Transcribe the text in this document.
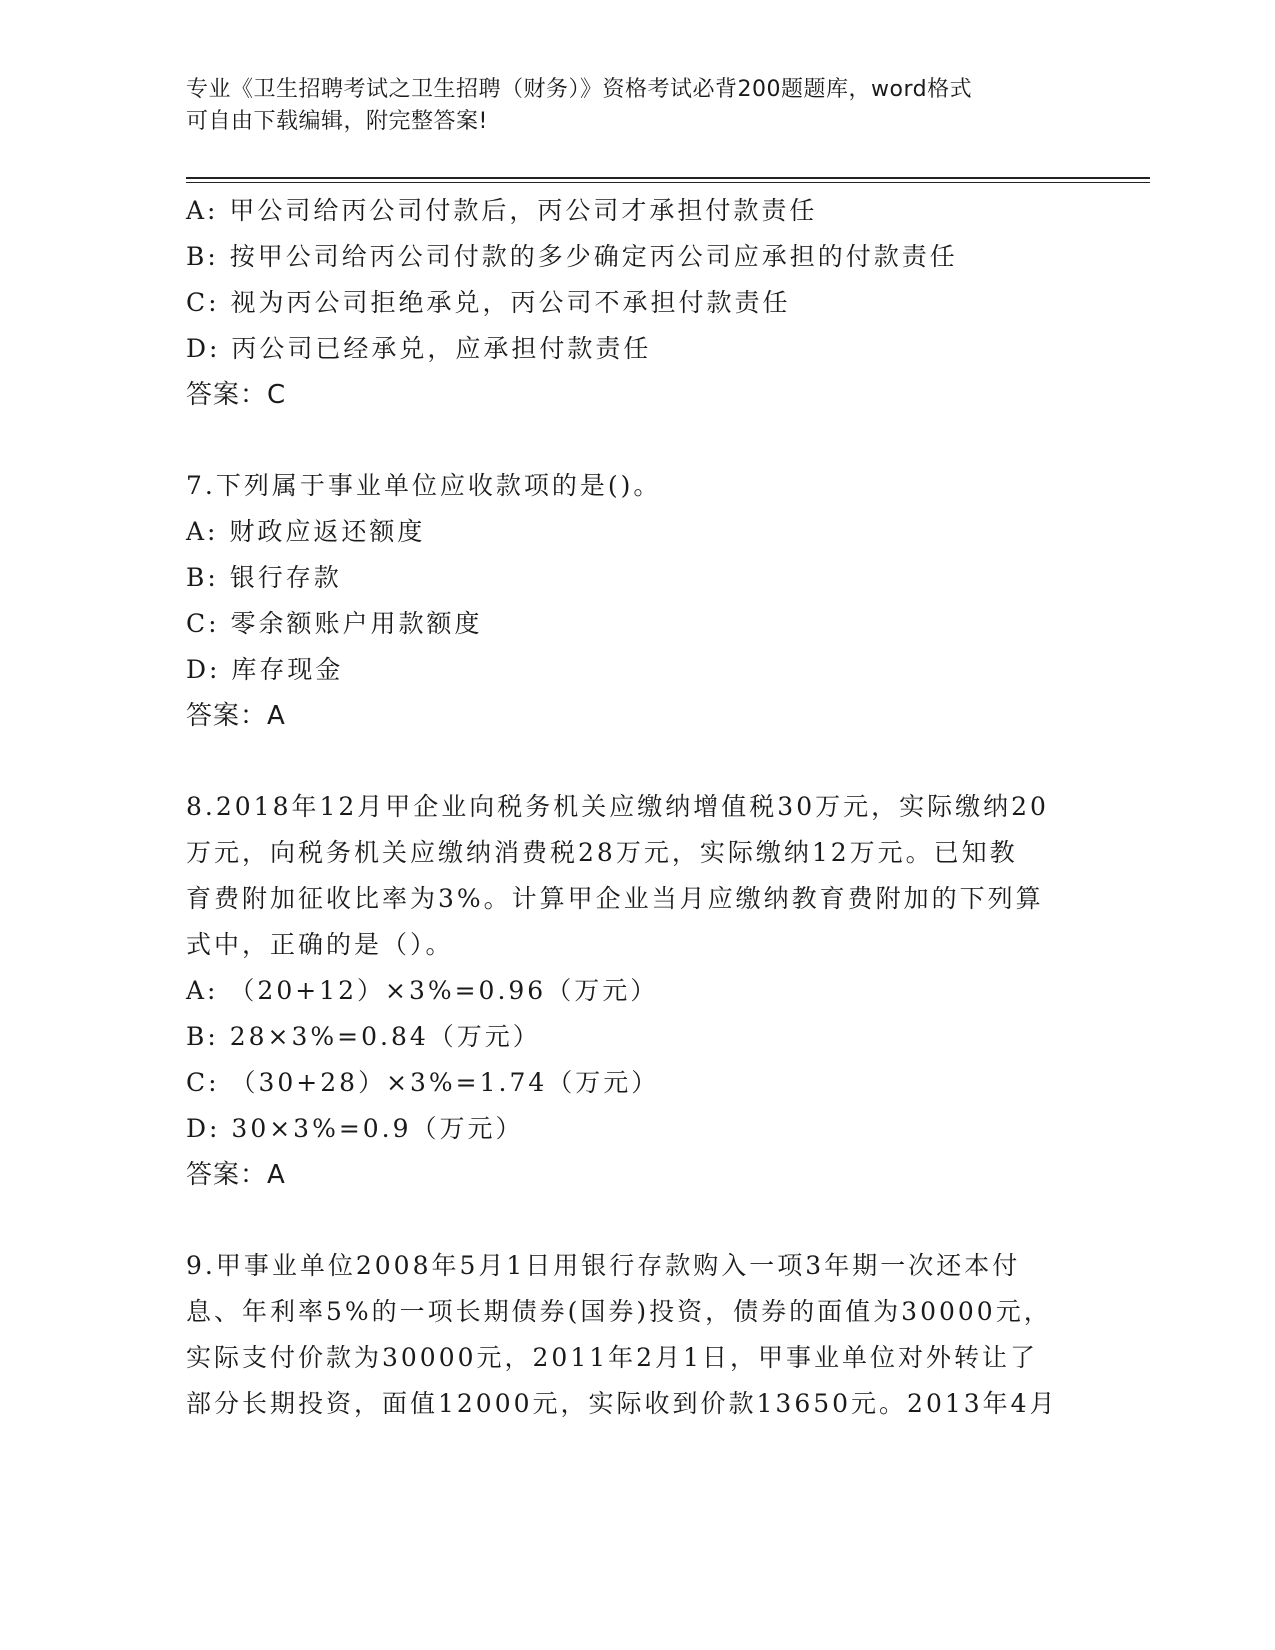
专业《卫生招聘考试之卫生招聘（财务）》资格考试必背200题题库，word格式
可自由下载编辑，附完整答案!
A: 甲公司给丙公司付款后，丙公司才承担付款责任
B: 按甲公司给丙公司付款的多少确定丙公司应承担的付款责任
C: 视为丙公司拒绝承兑，丙公司不承担付款责任
D: 丙公司已经承兑，应承担付款责任
答案：C
7.下列属于事业单位应收款项的是()。
A: 财政应返还额度
B: 银行存款
C: 零余额账户用款额度
D: 库存现金
答案：A
8.2018年12月甲企业向税务机关应缴纳增值税30万元，实际缴纳20
万元，向税务机关应缴纳消费税28万元，实际缴纳12万元。已知教
育费附加征收比率为3%。计算甲企业当月应缴纳教育费附加的下列算
式中，正确的是（）。
A: （20+12）×3%=0.96（万元）
B: 28×3%=0.84（万元）
C: （30+28）×3%=1.74（万元）
D: 30×3%=0.9（万元）
答案：A
9.甲事业单位2008年5月1日用银行存款购入一项3年期一次还本付
息、年利率5%的一项长期债券(国券)投资，债券的面值为30000元，
实际支付价款为30000元，2011年2月1日，甲事业单位对外转让了
部分长期投资，面值12000元，实际收到价款13650元。2013年4月
